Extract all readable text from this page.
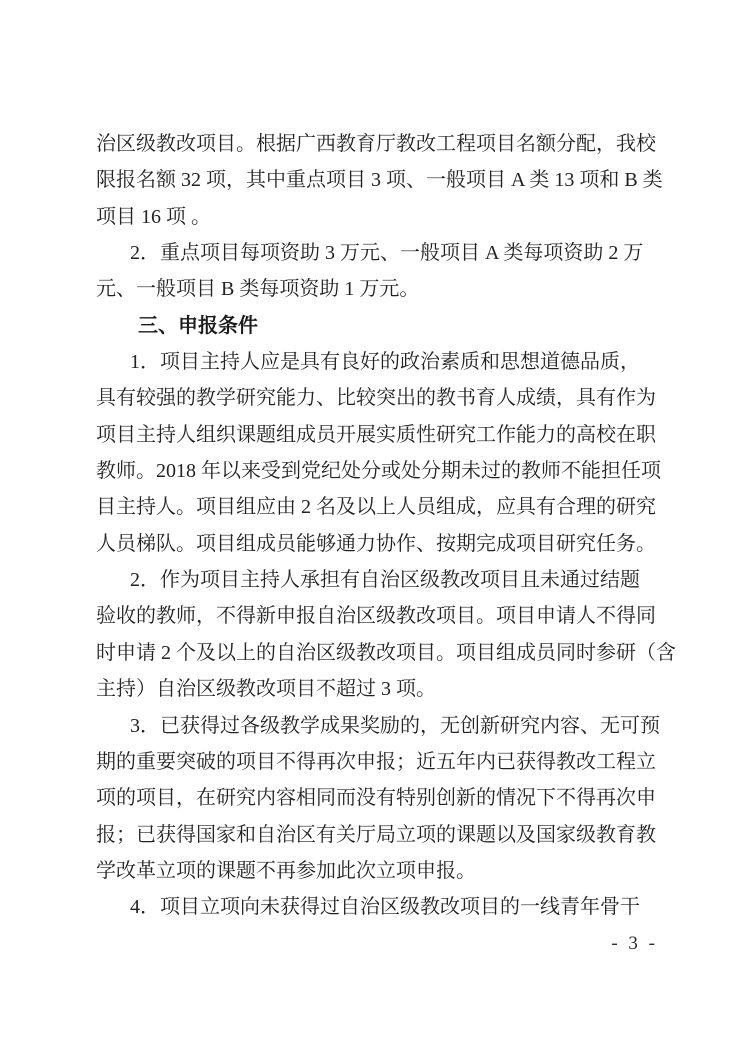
治区级教改项目。根据广西教育厅教改工程项目名额分配，我校
限报名额 32 项，其中重点项目 3 项、一般项目 A 类 13 项和 B 类
项目 16 项 。
2．重点项目每项资助 3 万元、一般项目 A 类每项资助 2 万
元、一般项目 B 类每项资助 1 万元。
三、申报条件
1．项目主持人应是具有良好的政治素质和思想道德品质，
具有较强的教学研究能力、比较突出的教书育人成绩，具有作为
项目主持人组织课题组成员开展实质性研究工作能力的高校在职
教师。2018 年以来受到党纪处分或处分期未过的教师不能担任项
目主持人。项目组应由 2 名及以上人员组成，应具有合理的研究
人员梯队。项目组成员能够通力协作、按期完成项目研究任务。
2．作为项目主持人承担有自治区级教改项目且未通过结题
验收的教师，不得新申报自治区级教改项目。项目申请人不得同
时申请 2 个及以上的自治区级教改项目。项目组成员同时参研（含
主持）自治区级教改项目不超过 3 项。
3．已获得过各级教学成果奖励的，无创新研究内容、无可预
期的重要突破的项目不得再次申报；近五年内已获得教改工程立
项的项目，在研究内容相同而没有特别创新的情况下不得再次申
报；已获得国家和自治区有关厅局立项的课题以及国家级教育教
学改革立项的课题不再参加此次立项申报。
4．项目立项向未获得过自治区级教改项目的一线青年骨干
- 3 -
